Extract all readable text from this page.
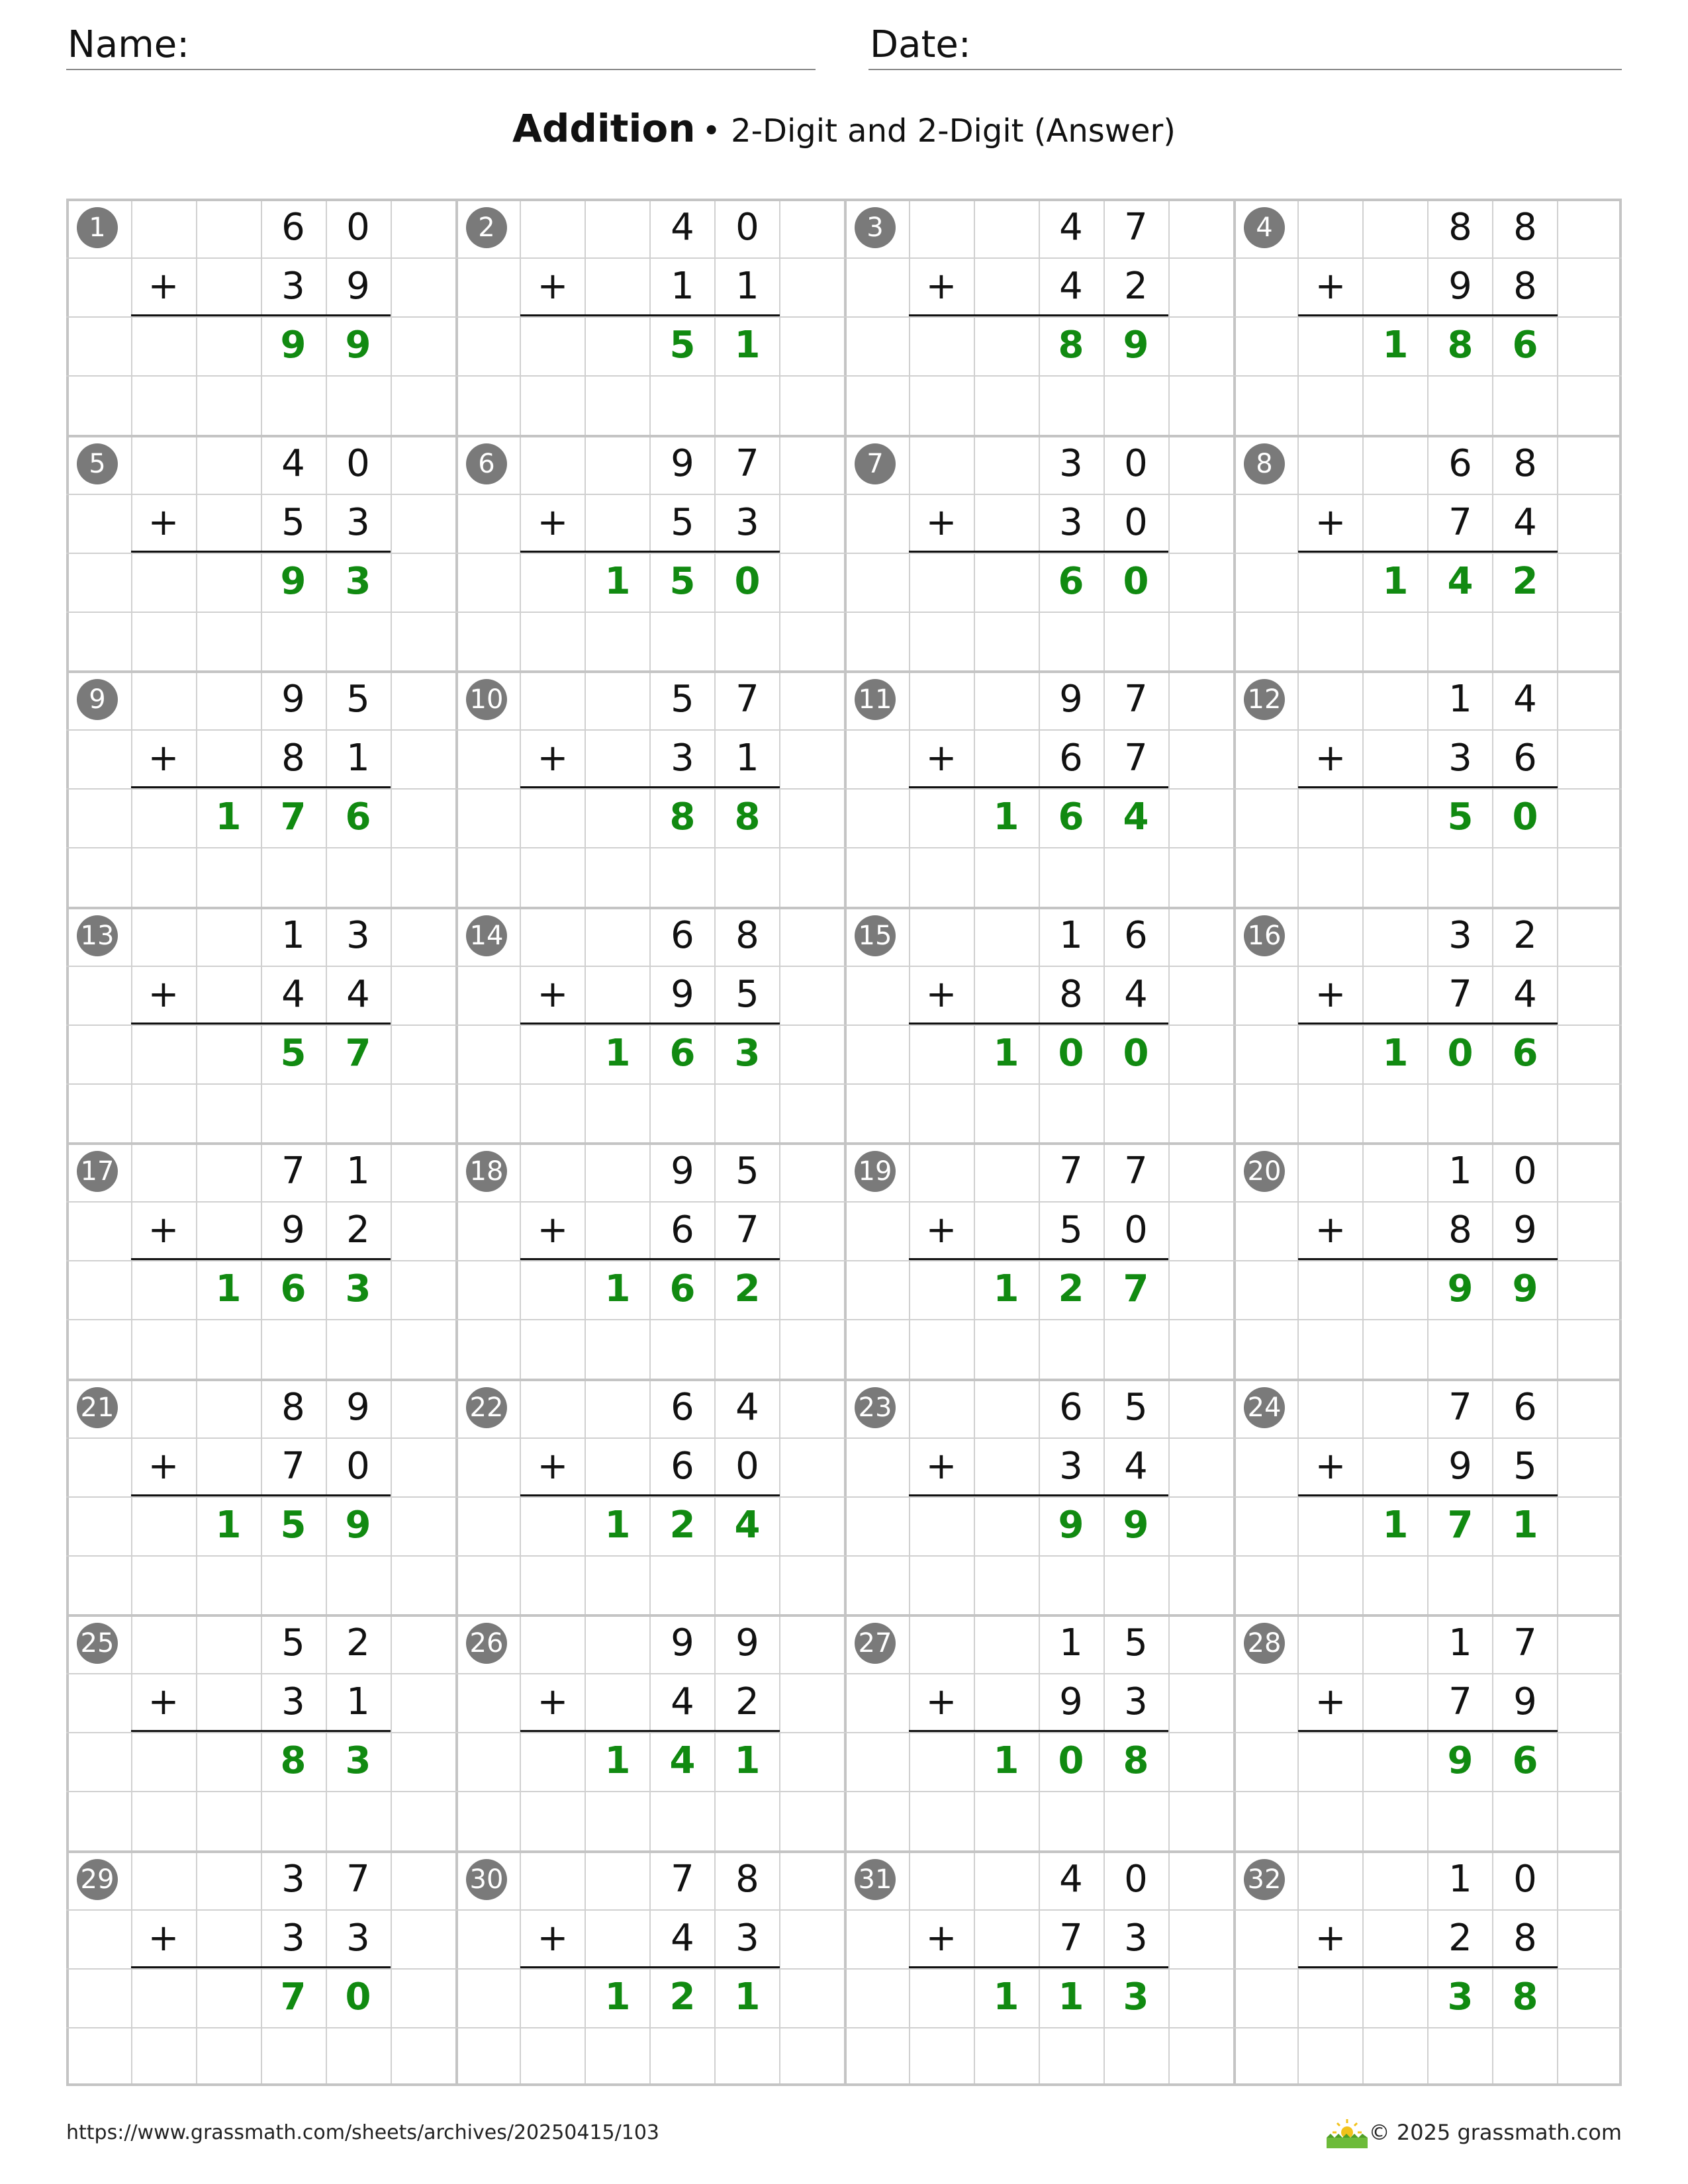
Name:	Date:
Addition • 2-Digit and 2-Digit (Answer)
1	6	0
+	3	9
9	9
2	4	0
+	1	1
5	1
3	4	7
+	4	2
8	9
4	8	8
+	9	8
1	8	6
5	4	0
+	5	3
9	3
6	9	7
+	5	3
1	5	0
7	3	0
+	3	0
6	0
8	6	8
+	7	4
1	4	2
9	9	5
+	8	1
1	7	6
10	5	7
+	3	1
8	8
11	9	7
+	6	7
1	6	4
12	1	4
+	3	6
5	0
13	1	3
+	4	4
5	7
14	6	8
+	9	5
1	6	3
15	1	6
+	8	4
1	0	0
16	3	2
+	7	4
1	0	6
17	7	1
+	9	2
1	6	3
18	9	5
+	6	7
1	6	2
19	7	7
+	5	0
1	2	7
20	1	0
+	8	9
9	9
21	8	9
+	7	0
1	5	9
22	6	4
+	6	0
1	2	4
23	6	5
+	3	4
9	9
24	7	6
+	9	5
1	7	1
25	5	2
+	3	1
8	3
26	9	9
+	4	2
1	4	1
27	1	5
+	9	3
1	0	8
28	1	7
+	7	9
9	6
29	3	7
+	3	3
7	0
30	7	8
+	4	3
1	2	1
31	4	0
+	7	3
1	1	3
32	1	0
+	2	8
3	8
https://www.grassmath.com/sheets/archives/20250415/103	© 2025 grassmath.com
